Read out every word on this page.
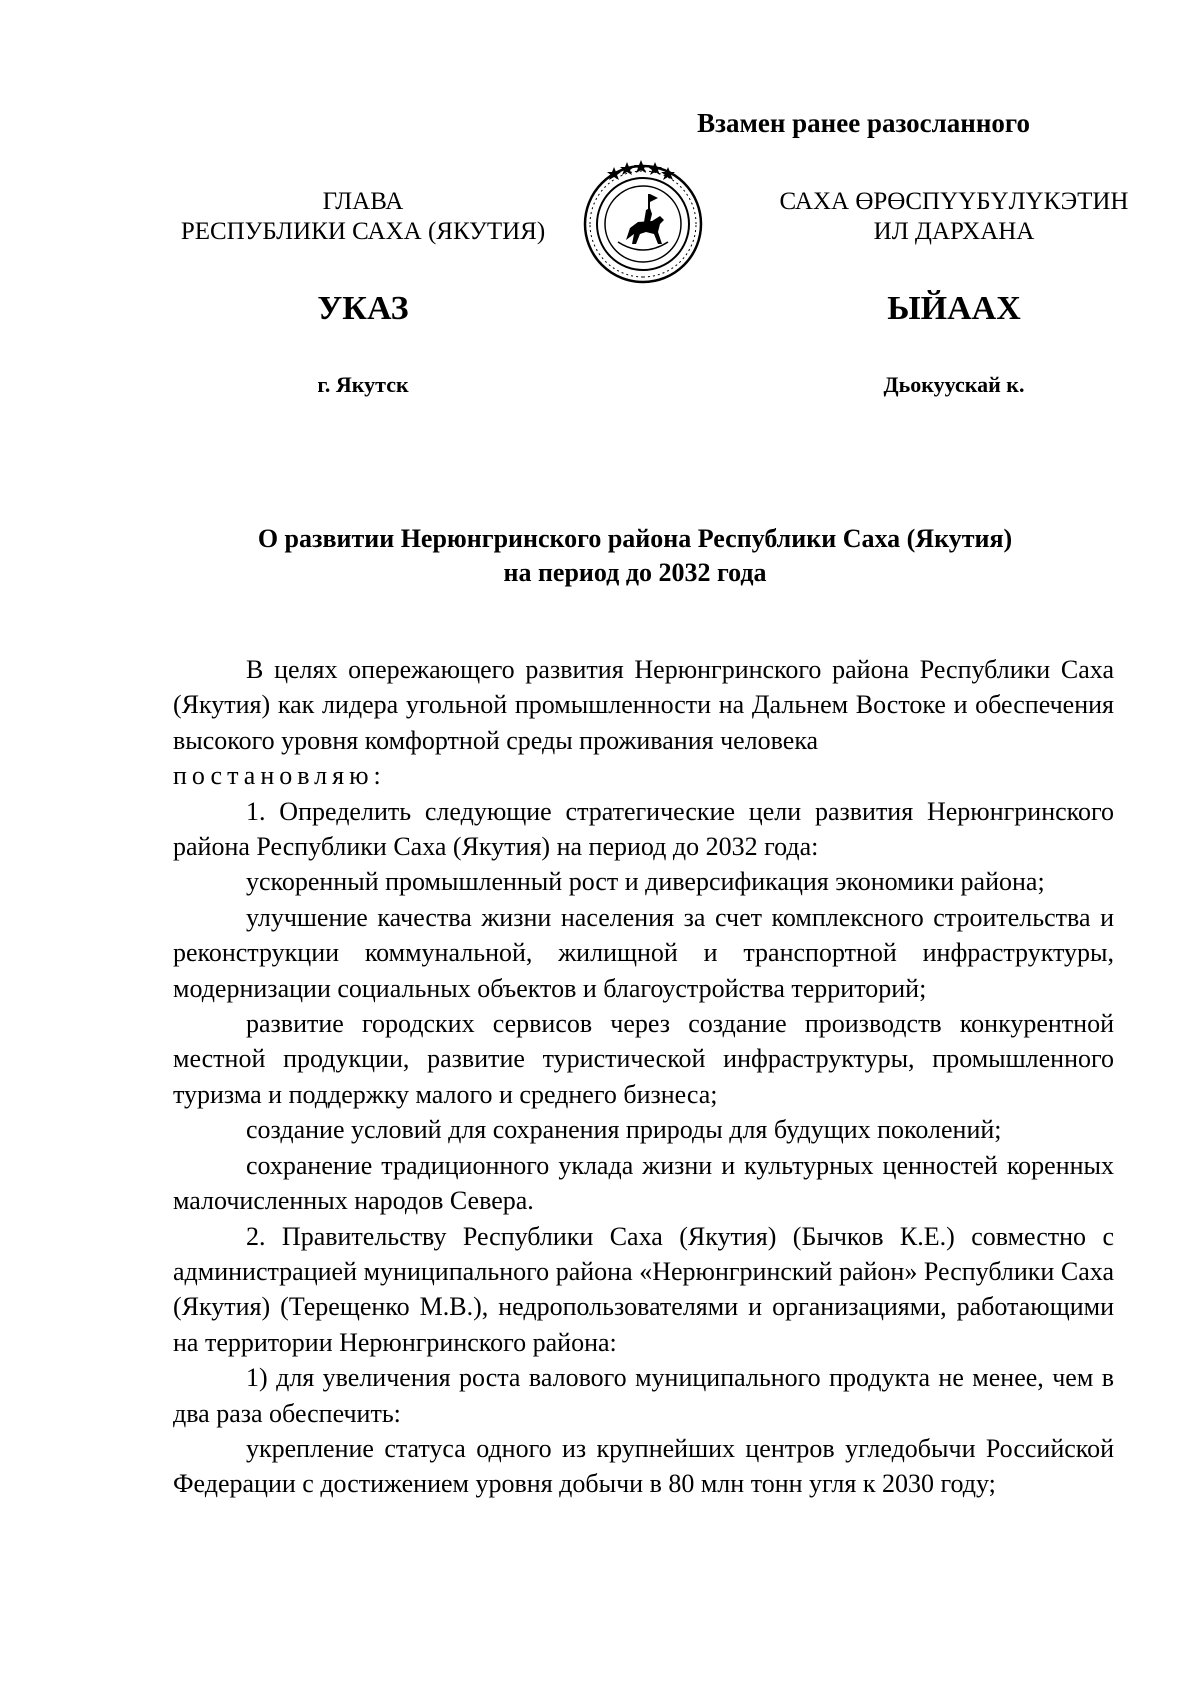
Взамен ранее разосланного
ГЛАВА
РЕСПУБЛИКИ САХА (ЯКУТИЯ)
САХА ӨРӨСПҮҮБҮЛҮКЭТИН
ИЛ ДАРХАНА
УКАЗ	ЫЙААХ
г. Якутск	Дьокуускай к.
О развитии Нерюнгринского района Республики Саха (Якутия)
на период до 2032 года

В целях опережающего развития Нерюнгринского района Республики Саха (Якутия) как лидера угольной промышленности на Дальнем Востоке и обеспечения высокого уровня комфортной среды проживания человека

постановляю:

1. Определить следующие стратегические цели развития Нерюнгринского района Республики Саха (Якутия) на период до 2032 года:

ускоренный промышленный рост и диверсификация экономики района;

улучшение качества жизни населения за счет комплексного строительства и реконструкции коммунальной, жилищной и транспортной инфраструктуры, модернизации социальных объектов и благоустройства территорий;

развитие городских сервисов через создание производств конкурентной местной продукции, развитие туристической инфраструктуры, промышленного туризма и поддержку малого и среднего бизнеса;

создание условий для сохранения природы для будущих поколений;

сохранение традиционного уклада жизни и культурных ценностей коренных малочисленных народов Севера.

2. Правительству Республики Саха (Якутия) (Бычков К.Е.) совместно с администрацией муниципального района «Нерюнгринский район» Республики Саха (Якутия) (Терещенко М.В.), недропользователями и организациями, работающими на территории Нерюнгринского района:

1) для увеличения роста валового муниципального продукта не менее, чем в два раза обеспечить:

укрепление статуса одного из крупнейших центров угледобычи Российской Федерации с достижением уровня добычи в 80 млн тонн угля к 2030 году;
